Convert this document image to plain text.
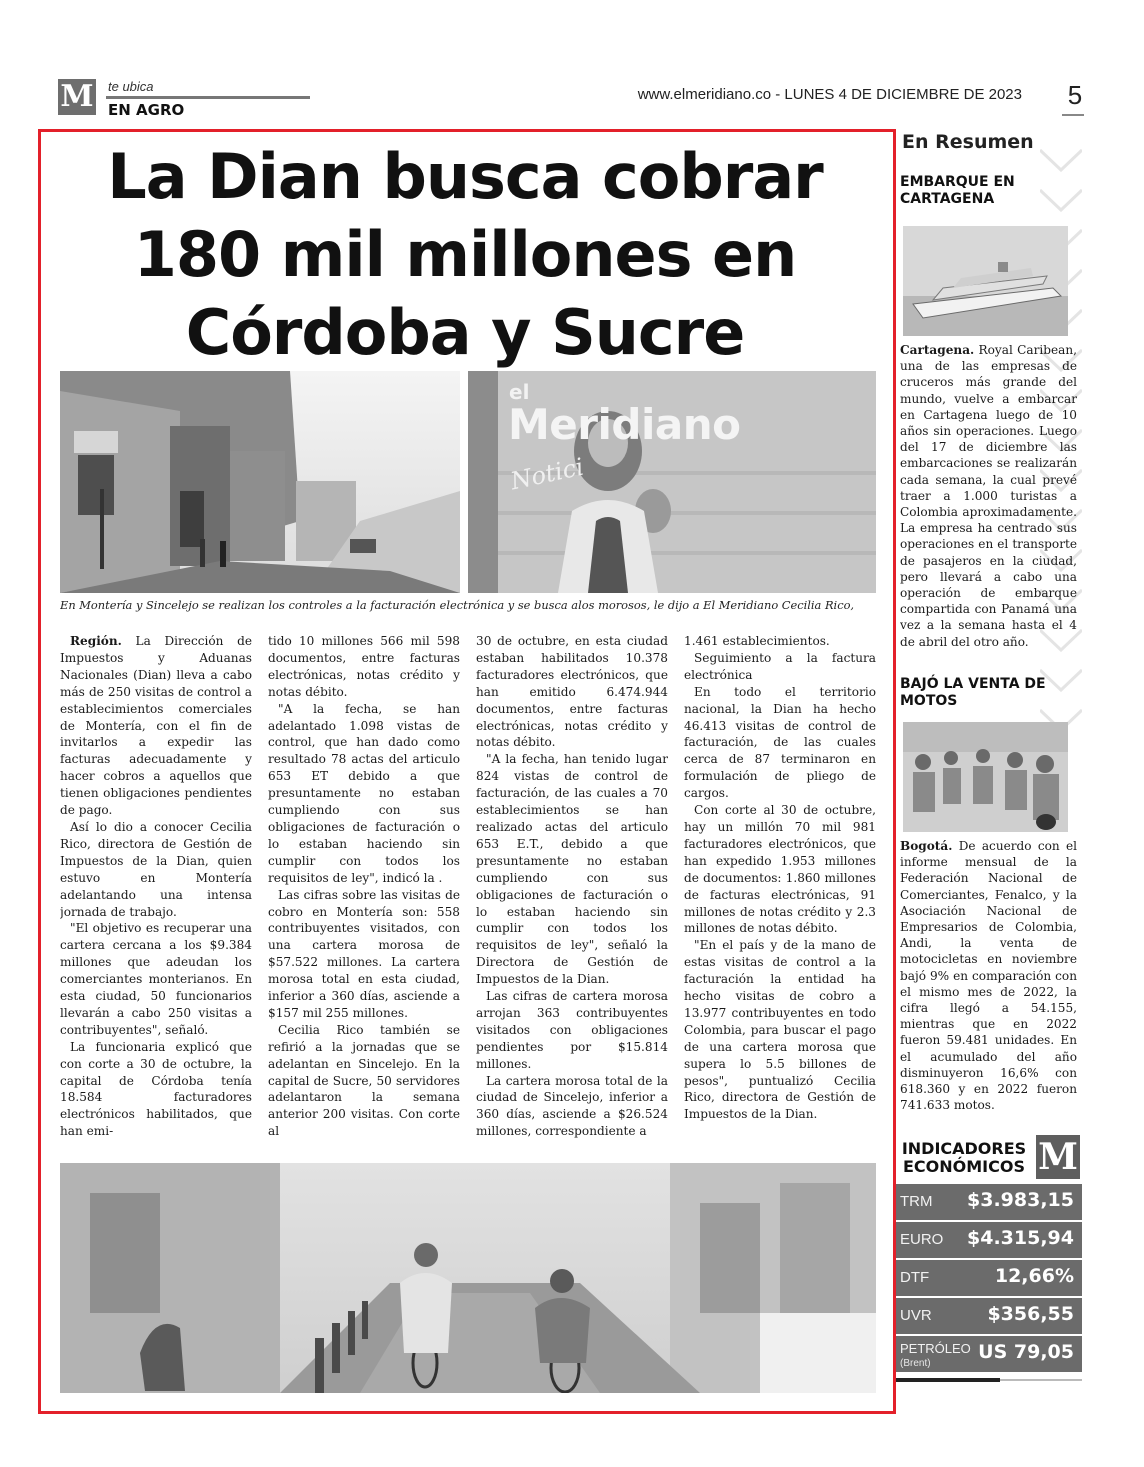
M te ubica
EN AGRO
www.elmeridiano.co - LUNES 4 DE DICIEMBRE DE 2023 5
La Dian busca cobrar
180 mil millones en
Córdoba y Sucre
el
Meridiano
Notici
En Montería y Sincelejo se realizan los controles a la facturación electrónica y se busca alos morosos, le dijo a El Meridiano Cecilia Rico,

Región. La Dirección de Impuestos y Aduanas Nacionales (Dian) lleva a cabo más de 250 visitas de control a establecimientos comerciales de Montería, con el fin de invitarlos a expedir las facturas adecuadamente y hacer cobros a aquellos que tienen obligaciones pendientes de pago.

Así lo dio a conocer Cecilia Rico, directora de Gestión de Impuestos de la Dian, quien estuvo en Montería adelantando una intensa jornada de trabajo.

"El objetivo es recuperar una cartera cercana a los $9.384 millones que adeudan los comerciantes monterianos. En esta ciudad, 50 funcionarios llevarán a cabo 250 visitas a contribuyentes", señaló.

La funcionaria explicó que con corte a 30 de octubre, la capital de Córdoba tenía 18.584 facturadores electrónicos habilitados, que han emi-

tido 10 millones 566 mil 598 documentos, entre facturas electrónicas, notas crédito y notas débito.

"A la fecha, se han adelantado 1.098 vistas de control, que han dado como resultado 78 actas del articulo 653 ET debido a que presuntamente no estaban cumpliendo con sus obligaciones de facturación o lo estaban haciendo sin cumplir con todos los requisitos de ley", indicó la .

Las cifras sobre las visitas de cobro en Montería son: 558 contribuyentes visitados, con una cartera morosa de $57.522 millones. La cartera morosa total en esta ciudad, inferior a 360 días, asciende a $157 mil 255 millones.

Cecilia Rico también se refirió a la jornadas que se adelantan en Sincelejo. En la capital de Sucre, 50 servidores adelantaron la semana anterior 200 visitas. Con corte al

30 de octubre, en esta ciudad estaban habilitados 10.378 facturadores electrónicos, que han emitido 6.474.944 documentos, entre facturas electrónicas, notas crédito y notas débito.

"A la fecha, han tenido lugar 824 vistas de control de facturación, de las cuales a 70 establecimientos se han realizado actas del articulo 653 E.T., debido a que presuntamente no estaban cumpliendo con sus obligaciones de facturación o lo estaban haciendo sin cumplir con todos los requisitos de ley", señaló la Directora de Gestión de Impuestos de la Dian.

Las cifras de cartera morosa arrojan 363 contribuyentes visitados con obligaciones pendientes por $15.814 millones.

La cartera morosa total de la ciudad de Sincelejo, inferior a 360 días, asciende a $26.524 millones, correspondiente a

1.461 establecimientos.

Seguimiento a la factura electrónica

En todo el territorio nacional, la Dian ha hecho 46.413 visitas de control de facturación, de las cuales cerca de 87 terminaron en formulación de pliego de cargos.

Con corte al 30 de octubre, hay un millón 70 mil 981 facturadores electrónicos, que han expedido 1.953 millones de documentos: 1.860 millones de facturas electrónicas, 91 millones de notas crédito y 2.3 millones de notas débito.

"En el país y de la mano de estas visitas de control a la facturación la entidad ha hecho visitas de cobro a 13.977 contribuyentes en todo Colombia, para buscar el pago de una cartera morosa que supera lo 5.5 billones de pesos", puntualizó Cecilia Rico, directora de Gestión de Impuestos de la Dian.

En Resumen
EMBARQUE EN CARTAGENA
Cartagena. Royal Caribean, una de las empresas de cruceros más grande del mundo, vuelve a embarcar en Cartagena luego de 10 años sin operaciones. Luego del 17 de diciembre las embarcaciones se realizarán cada semana, la cual prevé traer a 1.000 turistas a Colombia aproximadamente. La empresa ha centrado sus operaciones en el transporte de pasajeros en la ciudad, pero llevará a cabo una operación de embarque compartida con Panamá una vez a la semana hasta el 4 de abril del otro año.
BAJÓ LA VENTA DE MOTOS
Bogotá. De acuerdo con el informe mensual de la Federación Nacional de Comerciantes, Fenalco, y la Asociación Nacional de Empresarios de Colombia, Andi, la venta de motocicletas en noviembre bajó 9% en comparación con el mismo mes de 2022, la cifra llegó a 54.155, mientras que en 2022 fueron 59.481 unidades. En el acumulado del año disminuyeron 16,6% con 618.360 y en 2022 fueron 741.633 motos.
INDICADORES ECONÓMICOS M
TRM $3.983,15
EURO $4.315,94
DTF	12,66%
UVR	$356,55
PETRÓLEO
(Brent)
US 79,05
